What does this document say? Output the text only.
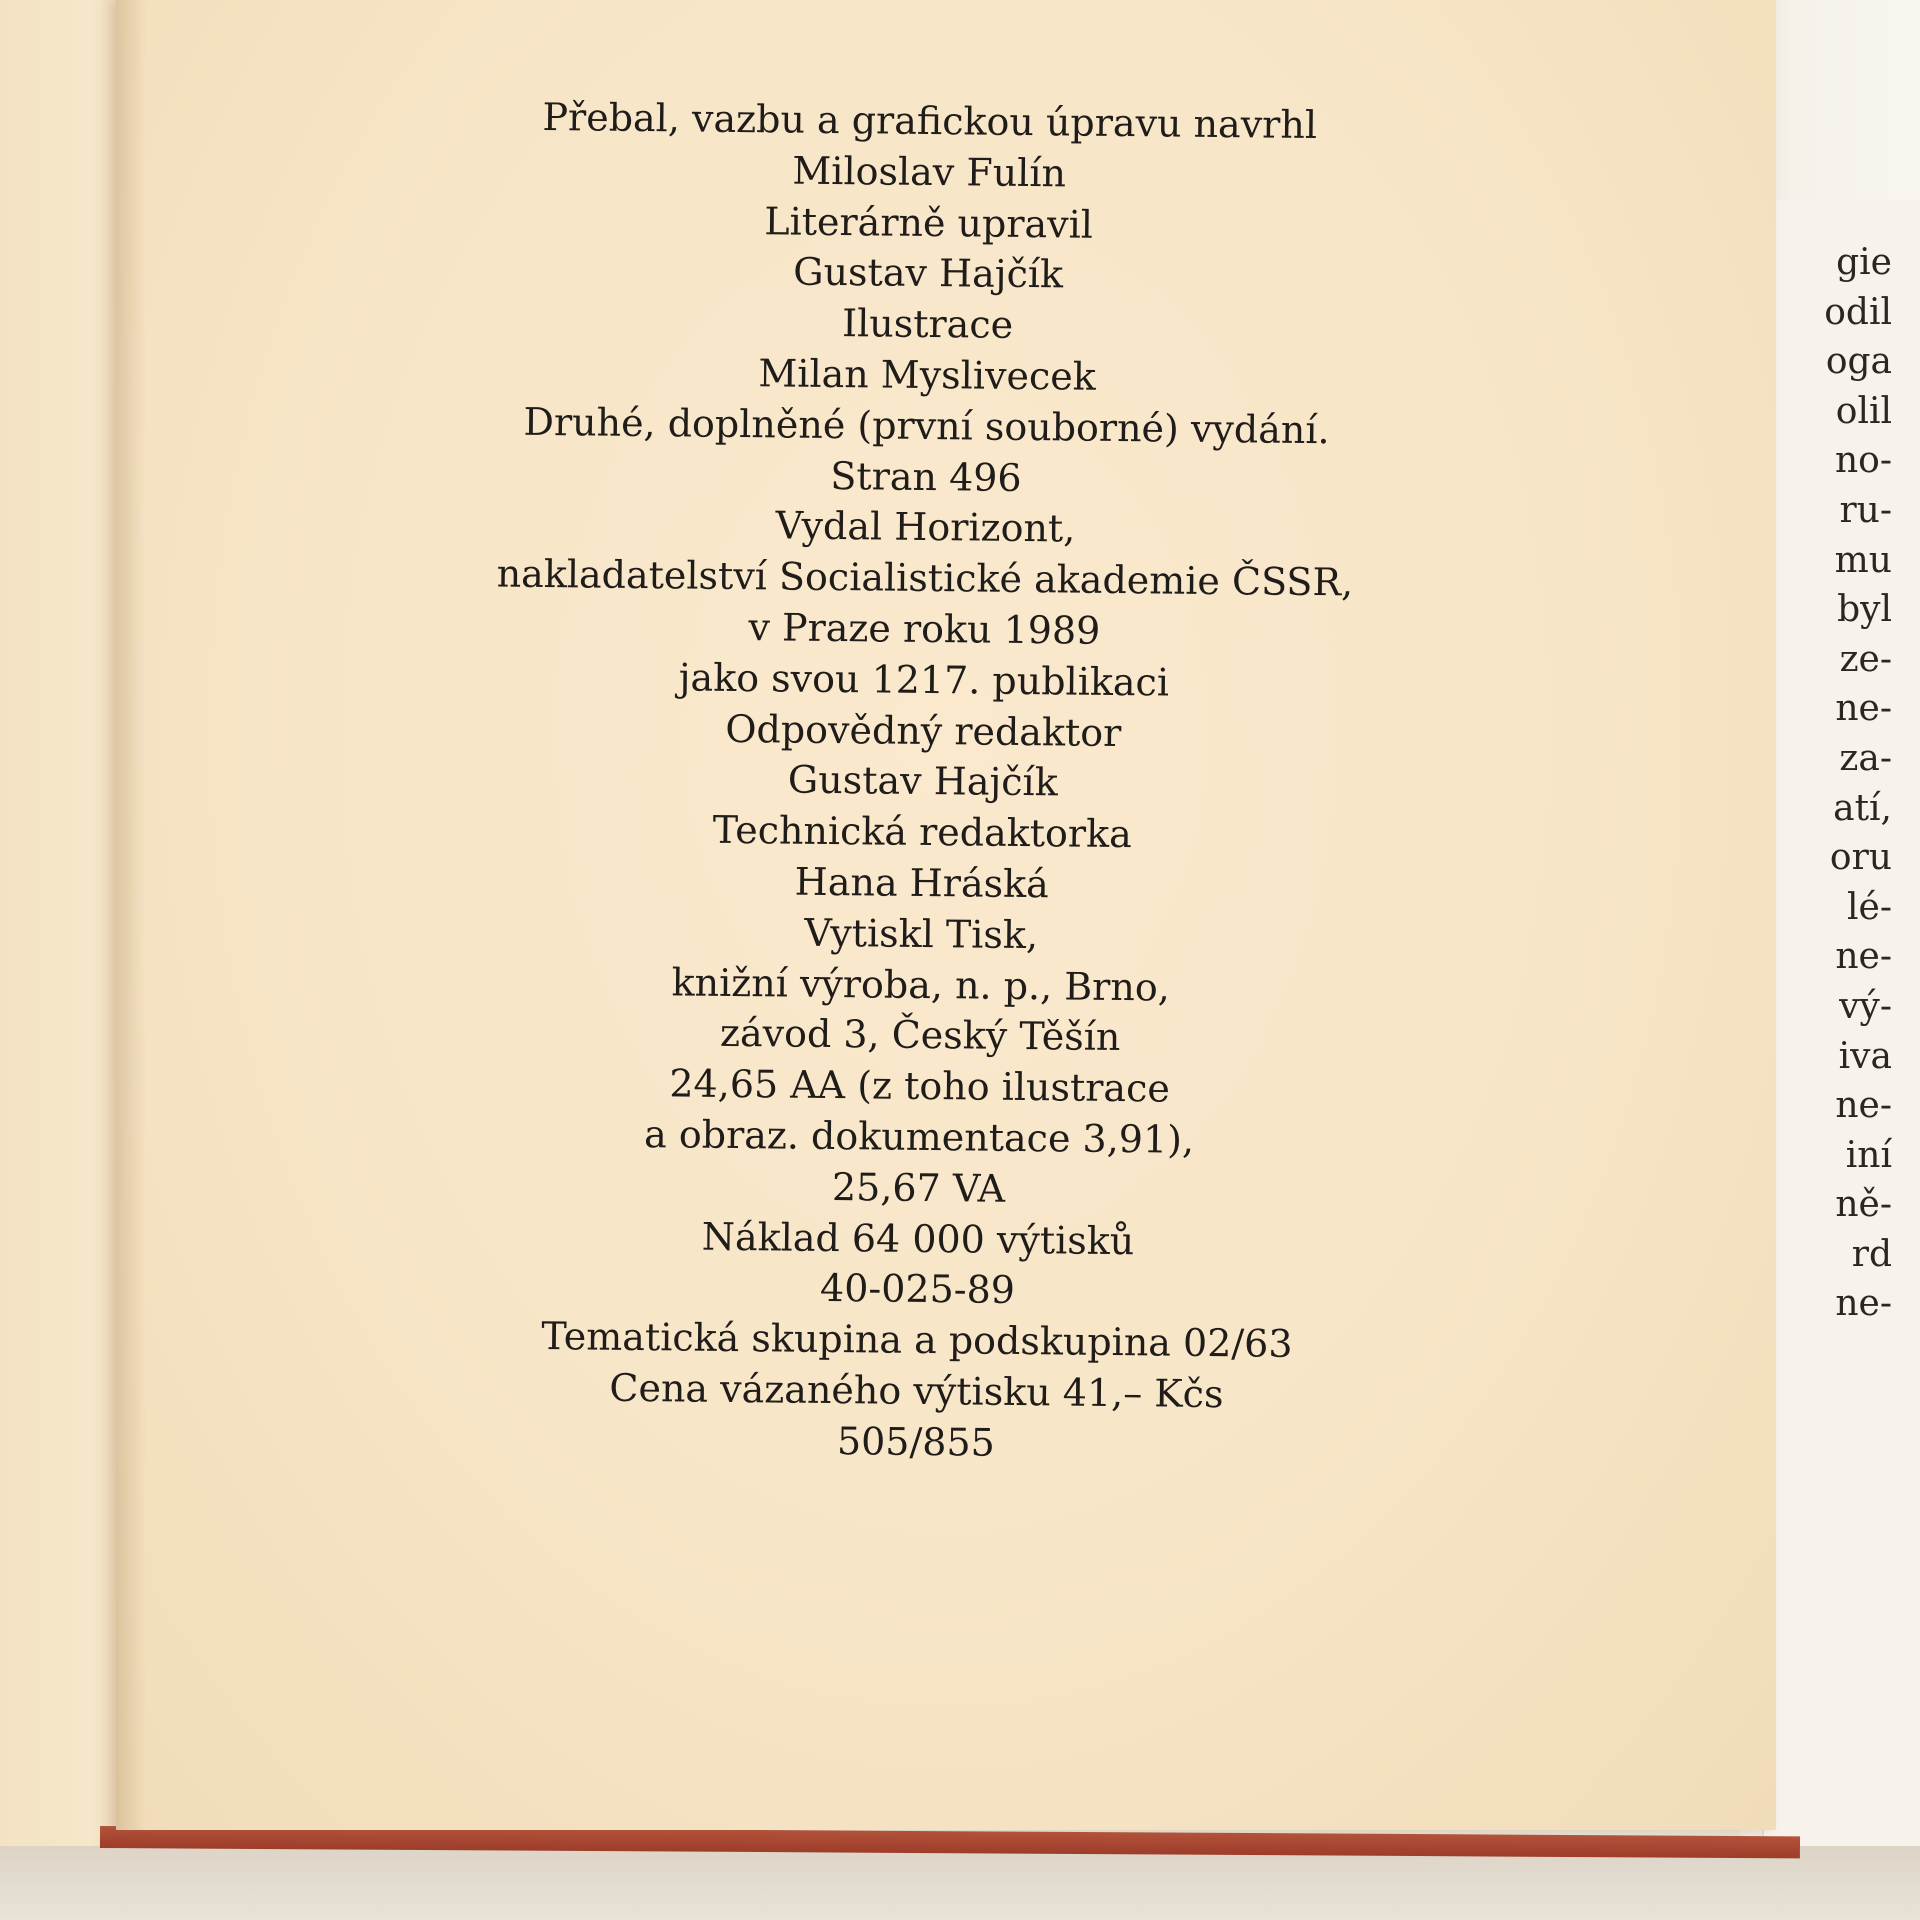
gie
odil
oga
olil
no-
ru-
mu
byl
ze-
ne-
za-
atí,
oru
lé-
ne-
vý-
iva
ne-
iní
ně-
rd
ne-
Přebal, vazbu a grafickou úpravu navrhl
Miloslav Fulín
Literárně upravil
Gustav Hajčík
Ilustrace
Milan Myslivecek
Druhé, doplněné (první souborné) vydání.
Stran 496
Vydal Horizont,
nakladatelství Socialistické akademie ČSSR,
v Praze roku 1989
jako svou 1217. publikaci
Odpovědný redaktor
Gustav Hajčík
Technická redaktorka
Hana Hráská
Vytiskl Tisk,
knižní výroba, n. p., Brno,
závod 3, Český Těšín
24,65 AA (z toho ilustrace
a obraz. dokumentace 3,91),
25,67 VA
Náklad 64 000 výtisků
40-025-89
Tematická skupina a podskupina 02/63
Cena vázaného výtisku 41,– Kčs
505/855
